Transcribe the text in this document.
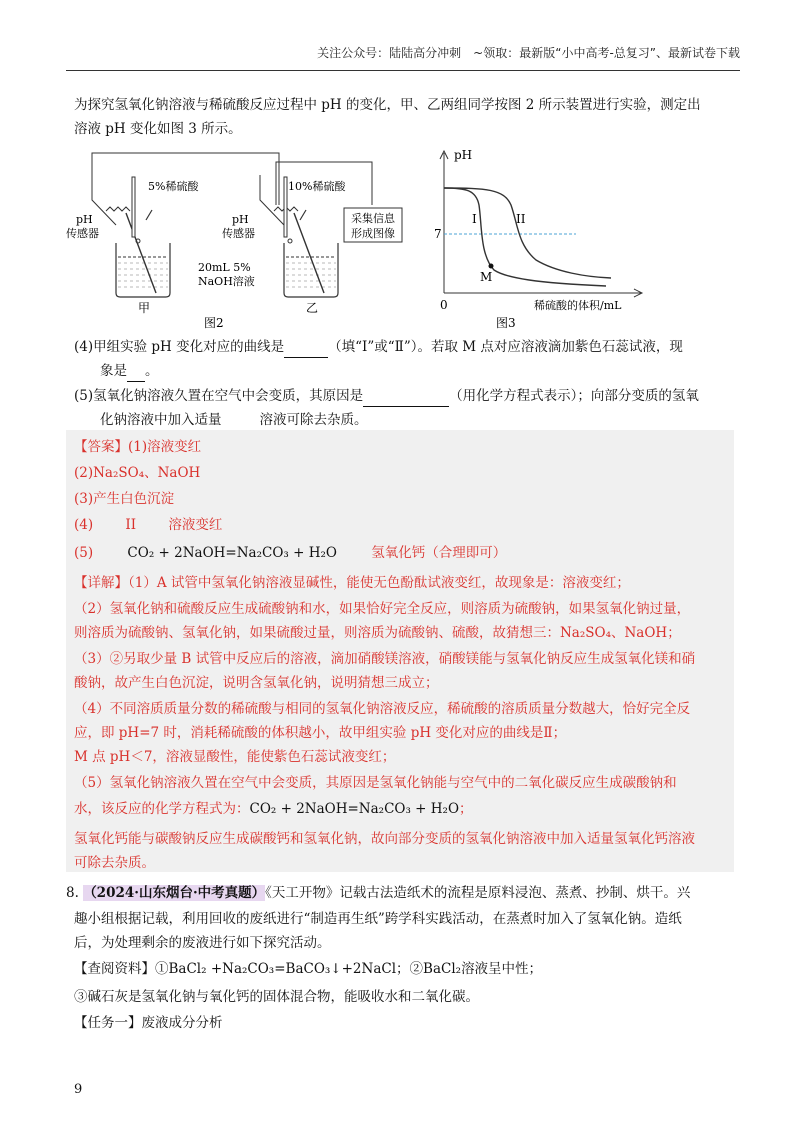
关注公众号：陆陆高分冲刺　~领取：最新版“小中高考-总复习”、最新试卷下载

为探究氢氧化钠溶液与稀硫酸反应过程中 pH 的变化，甲、乙两组同学按图 2 所示装置进行实验，测定出

溶液 pH 变化如图 3 所示。

采集信息
形成图像
5%稀硫酸	10%稀硫酸
pH
传感器
pH
传感器
20mL 5%
NaOH溶液
甲	乙
图2
pH
7
0	稀硫酸的体积/mL
I	II
M
图3

(4)甲组实验 pH 变化对应的曲线是	（填“I”或“Ⅱ”）。若取 M 点对应溶液滴加紫色石蕊试液，现

象是 。

(5)氢氧化钠溶液久置在空气中会变质，其原因是	（用化学方程式表示）；向部分变质的氢氧

化钠溶液中加入适量	溶液可除去杂质。

【答案】(1)溶液变红

(2)Na₂SO₄、NaOH

(3)产生白色沉淀

(4) II 溶液变红

(5)	CO₂ + 2NaOH=Na₂CO₃ + H₂O	氢氧化钙（合理即可）

【详解】（1）A 试管中氢氧化钠溶液显碱性，能使无色酚酞试液变红，故现象是：溶液变红；

（2）氢氧化钠和硫酸反应生成硫酸钠和水，如果恰好完全反应，则溶质为硫酸钠，如果氢氧化钠过量，

则溶质为硫酸钠、氢氧化钠，如果硫酸过量，则溶质为硫酸钠、硫酸，故猜想三：Na₂SO₄、NaOH；

（3）②另取少量 B 试管中反应后的溶液，滴加硝酸镁溶液，硝酸镁能与氢氧化钠反应生成氢氧化镁和硝

酸钠，故产生白色沉淀，说明含氢氧化钠，说明猜想三成立；

（4）不同溶质质量分数的稀硫酸与相同的氢氧化钠溶液反应，稀硫酸的溶质质量分数越大，恰好完全反

应，即 pH=7 时，消耗稀硫酸的体积越小，故甲组实验 pH 变化对应的曲线是Ⅱ；

M 点 pH＜7，溶液显酸性，能使紫色石蕊试液变红；

（5）氢氧化钠溶液久置在空气中会变质，其原因是氢氧化钠能与空气中的二氧化碳反应生成碳酸钠和

水，该反应的化学方程式为：CO₂ + 2NaOH=Na₂CO₃ + H₂O；

氢氧化钙能与碳酸钠反应生成碳酸钙和氢氧化钠，故向部分变质的氢氧化钠溶液中加入适量氢氧化钙溶液

可除去杂质。

8. （2024·山东烟台·中考真题）《天工开物》记载古法造纸术的流程是原料浸泡、蒸煮、抄制、烘干。兴

趣小组根据记载，利用回收的废纸进行“制造再生纸”跨学科实践活动，在蒸煮时加入了氢氧化钠。造纸

后，为处理剩余的废液进行如下探究活动。

【查阅资料】①BaCl₂ +Na₂CO₃=BaCO₃↓+2NaCl；②BaCl₂溶液呈中性；

③碱石灰是氢氧化钠与氧化钙的固体混合物，能吸收水和二氧化碳。

【任务一】废液成分分析

9
